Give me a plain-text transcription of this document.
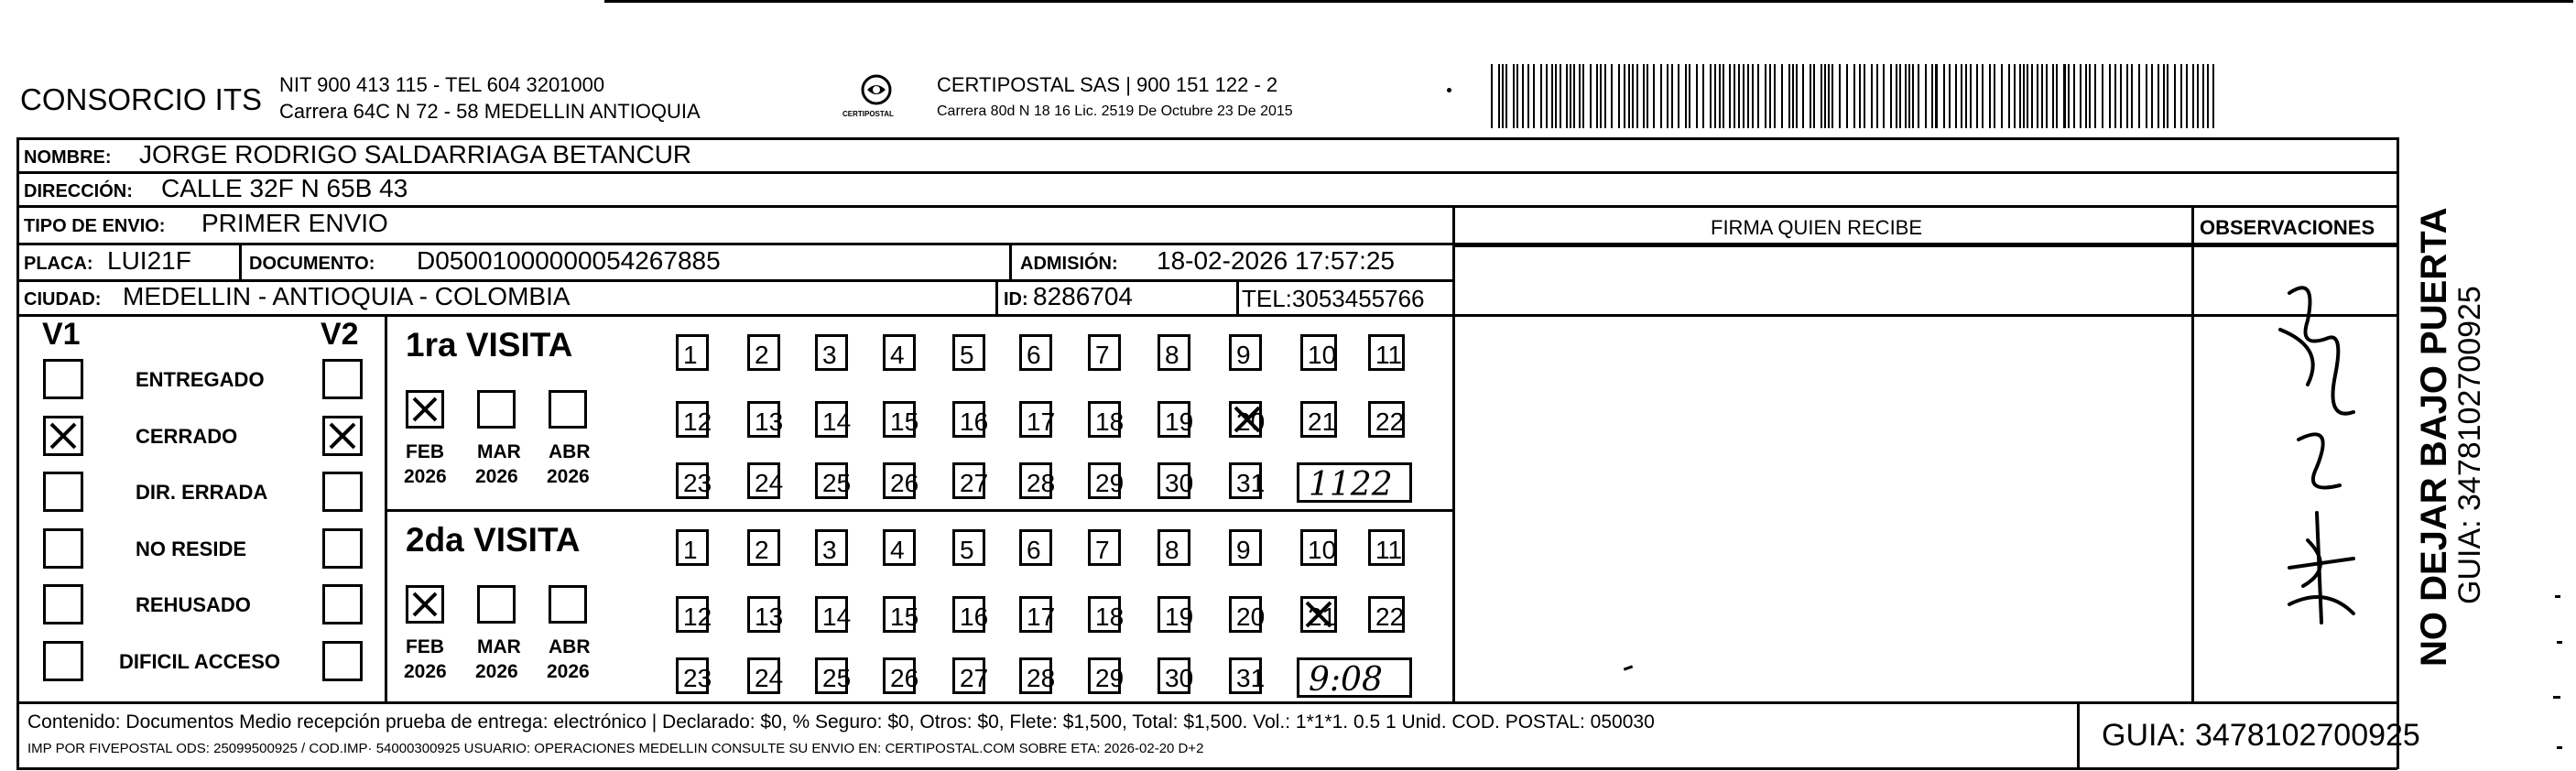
CONSORCIO ITS NIT 900 413 115 - TEL 604 3201000
Carrera 64C N 72 - 58 MEDELLIN ANTIOQUIA	CERTIPOSTAL
CERTIPOSTAL SAS | 900 151 122 - 2
Carrera 80d N 18 16 Lic. 2519 De Octubre 23 De 2015
NOMBRE: JORGE RODRIGO SALDARRIAGA BETANCUR
DIRECCIÓN: CALLE 32F N 65B 43
TIPO DE ENVIO: PRIMER ENVIO	FIRMA QUIEN RECIBE	OBSERVACIONES
PLACA: LUI21F	DOCUMENTO: D05001000000054267885	ADMISIÓN: 18-02-2026 17:57:25
CIUDAD: MEDELLIN - ANTIOQUIA - COLOMBIA	ID: 8286704	TEL:3053455766
V1	V2
ENTREGADO
CERRADO
DIR. ERRADA
NO RESIDE
REHUSADO
DIFICIL ACCESO
1ra VISITA
FEB
2026
MAR
2026
ABR
2026
1 2 3 4 5 6 7 8 9 10 11
12 13 14 15 16 17 18 19 20 21 22
23 24 25 26 27 28 29 30 31 1122
2da VISITA
FEB
2026
MAR
2026
ABR
2026
1 2 3 4 5 6 7 8 9 10 11
12 13 14 15 16 17 18 19 20 21 22
23 24 25 26 27 28 29 30 31 9:08
Contenido: Documentos Medio recepción prueba de entrega: electrónico | Declarado: $0, % Seguro: $0, Otros: $0, Flete: $1,500, Total: $1,500. Vol.: 1*1*1. 0.5 1 Unid. COD. POSTAL: 050030
IMP POR FIVEPOSTAL ODS: 25099500925 / COD.IMP· 54000300925 USUARIO: OPERACIONES MEDELLIN CONSULTE SU ENVIO EN: CERTIPOSTAL.COM SOBRE ETA: 2026-02-20 D+2	GUIA: 3478102700925
NO DEJAR BAJO PUERTA
GUIA: 3478102700925
